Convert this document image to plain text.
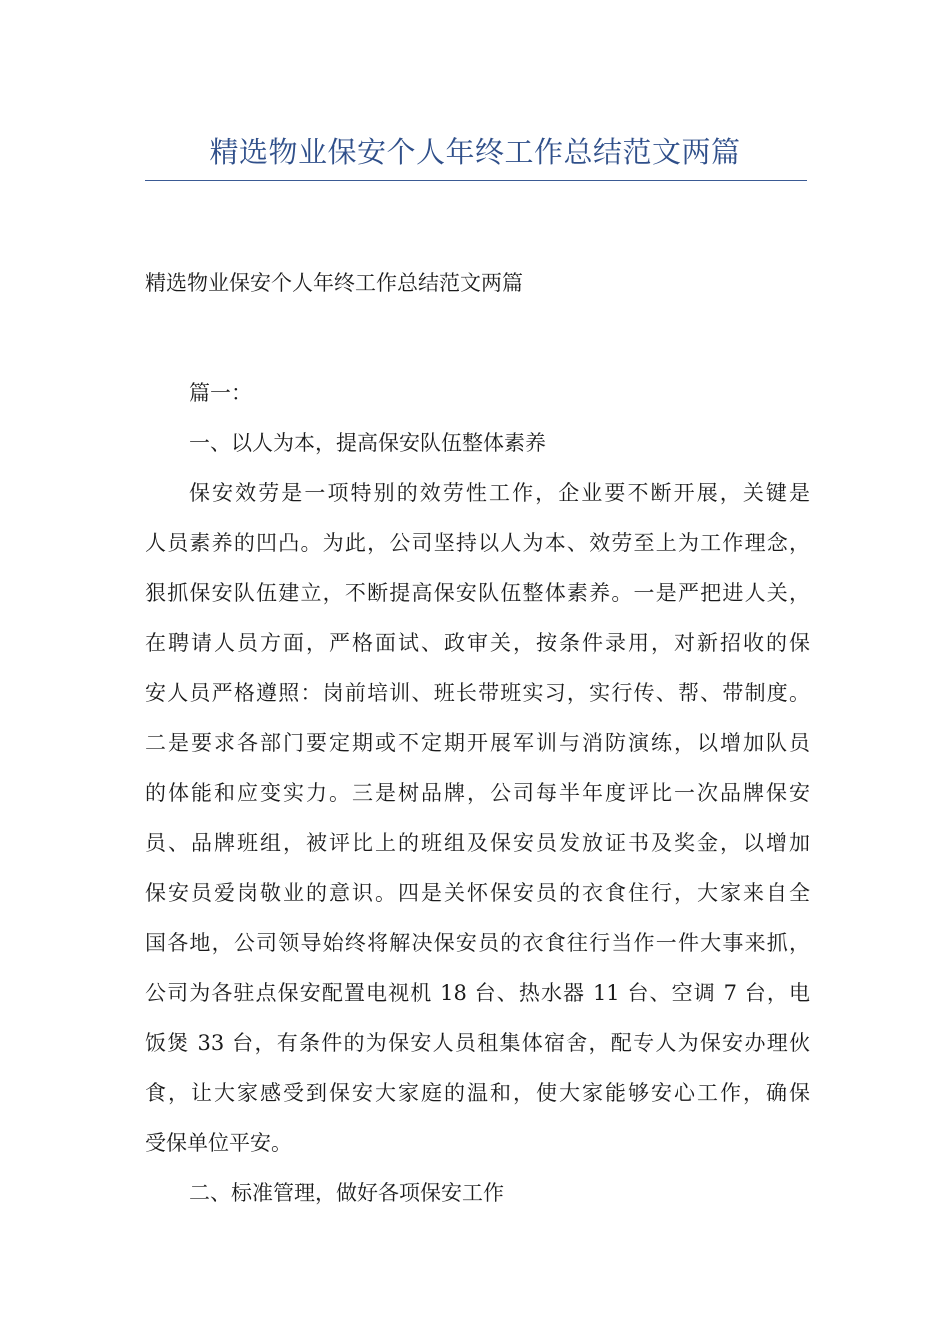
精选物业保安个人年终工作总结范文两篇
精选物业保安个人年终工作总结范文两篇
篇一：
一、以人为本，提高保安队伍整体素养
保安效劳是一项特别的效劳性工作，企业要不断开展，关键是
人员素养的凹凸。为此，公司坚持以人为本、效劳至上为工作理念，
狠抓保安队伍建立，不断提高保安队伍整体素养。一是严把进人关，
在聘请人员方面，严格面试、政审关，按条件录用，对新招收的保
安人员严格遵照：岗前培训、班长带班实习，实行传、帮、带制度。
二是要求各部门要定期或不定期开展军训与消防演练，以增加队员
的体能和应变实力。三是树品牌，公司每半年度评比一次品牌保安
员、品牌班组，被评比上的班组及保安员发放证书及奖金，以增加
保安员爱岗敬业的意识。四是关怀保安员的衣食住行，大家来自全
国各地，公司领导始终将解决保安员的衣食往行当作一件大事来抓，
公司为各驻点保安配置电视机 18 台、热水器 11 台、空调 7 台，电
饭煲 33 台，有条件的为保安人员租集体宿舍，配专人为保安办理伙
食，让大家感受到保安大家庭的温和，使大家能够安心工作，确保
受保单位平安。
二、标准管理，做好各项保安工作
